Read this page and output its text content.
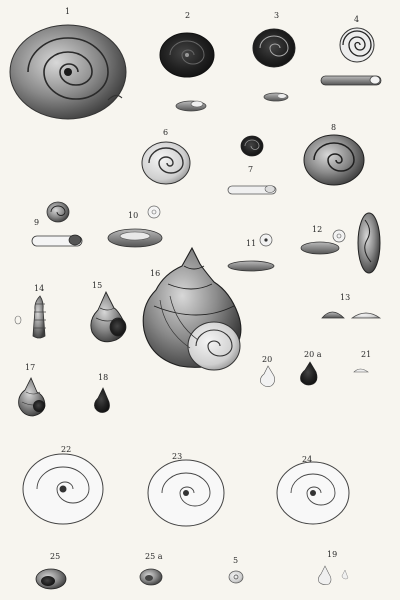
1	2	3	4
5
6
7
8
9
10
11
12
13
14	15
16
17
18
19
20
20 a	21
22
23	24
25	25 a
